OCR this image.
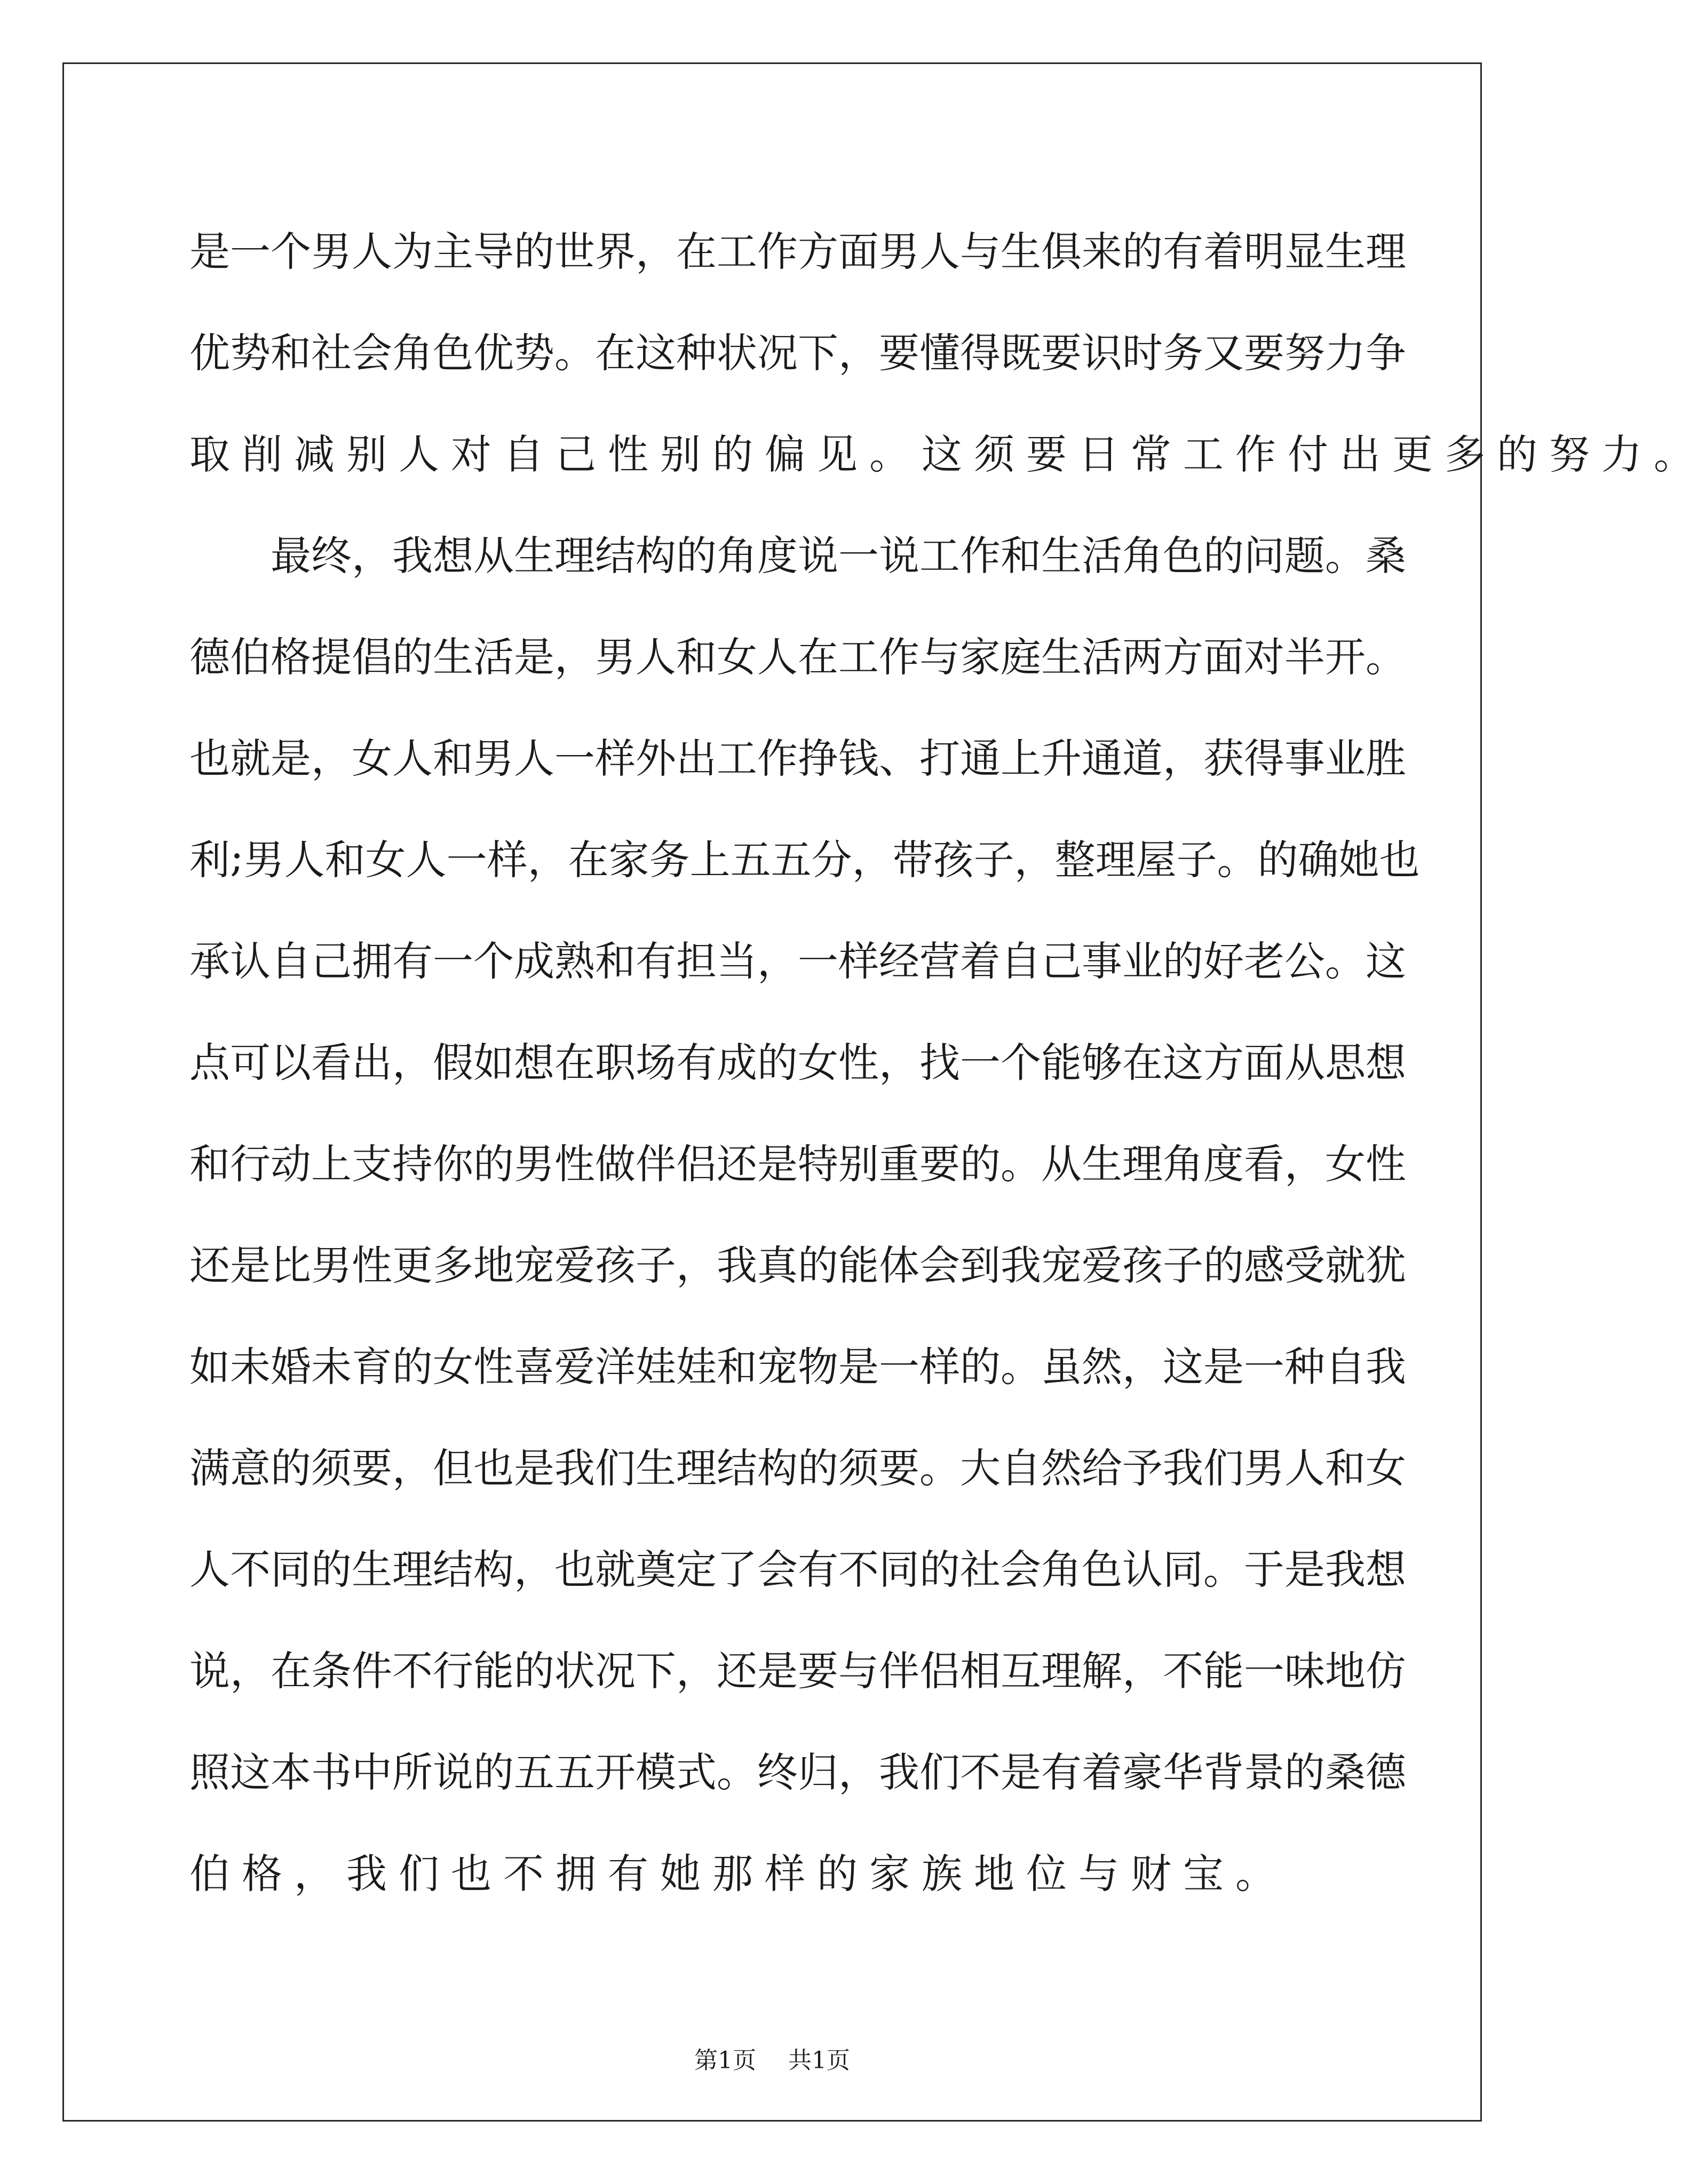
是 一 个 男 人 为 主 导 的 世 界 ， 在 工 作 方 面 男 人 与 生 俱 来 的 有 着 明 显 生 理
优 势 和 社 会 角 色 优 势 。 在 这 种 状 况 下 ， 要 懂 得 既 要 识 时 务 又 要 努 力 争
取削减别人对自己性别的偏见。这须要日常工作付出更多的努力。
最 终 ， 我 想 从 生 理 结 构 的 角 度 说 一 说 工 作 和 生 活 角 色 的 问 题 。 桑
德 伯 格 提 倡 的 生 活 是 ， 男 人 和 女 人 在 工 作 与 家 庭 生 活 两 方 面 对 半 开 。
也 就 是 ， 女 人 和 男 人 一 样 外 出 工 作 挣 钱 、 打 通 上 升 通 道 ， 获 得 事 业 胜
利 ; 男 人 和 女 人 一 样 ， 在 家 务 上 五 五 分 ， 带 孩 子 ， 整 理 屋 子 。 的 确 她 也
承 认 自 己 拥 有 一 个 成 熟 和 有 担 当 ， 一 样 经 营 着 自 己 事 业 的 好 老 公 。 这
点 可 以 看 出 ， 假 如 想 在 职 场 有 成 的 女 性 ， 找 一 个 能 够 在 这 方 面 从 思 想
和 行 动 上 支 持 你 的 男 性 做 伴 侣 还 是 特 别 重 要 的 。 从 生 理 角 度 看 ， 女 性
还 是 比 男 性 更 多 地 宠 爱 孩 子 ， 我 真 的 能 体 会 到 我 宠 爱 孩 子 的 感 受 就 犹
如 未 婚 未 育 的 女 性 喜 爱 洋 娃 娃 和 宠 物 是 一 样 的 。 虽 然 ， 这 是 一 种 自 我
满 意 的 须 要 ， 但 也 是 我 们 生 理 结 构 的 须 要 。 大 自 然 给 予 我 们 男 人 和 女
人 不 同 的 生 理 结 构 ， 也 就 奠 定 了 会 有 不 同 的 社 会 角 色 认 同 。 于 是 我 想
说 ， 在 条 件 不 行 能 的 状 况 下 ， 还 是 要 与 伴 侣 相 互 理 解 ， 不 能 一 味 地 仿
照 这 本 书 中 所 说 的 五 五 开 模 式 。 终 归 ， 我 们 不 是 有 着 豪 华 背 景 的 桑 德
伯格，我们也不拥有她那样的家族地位与财宝。
第1页 共1页
